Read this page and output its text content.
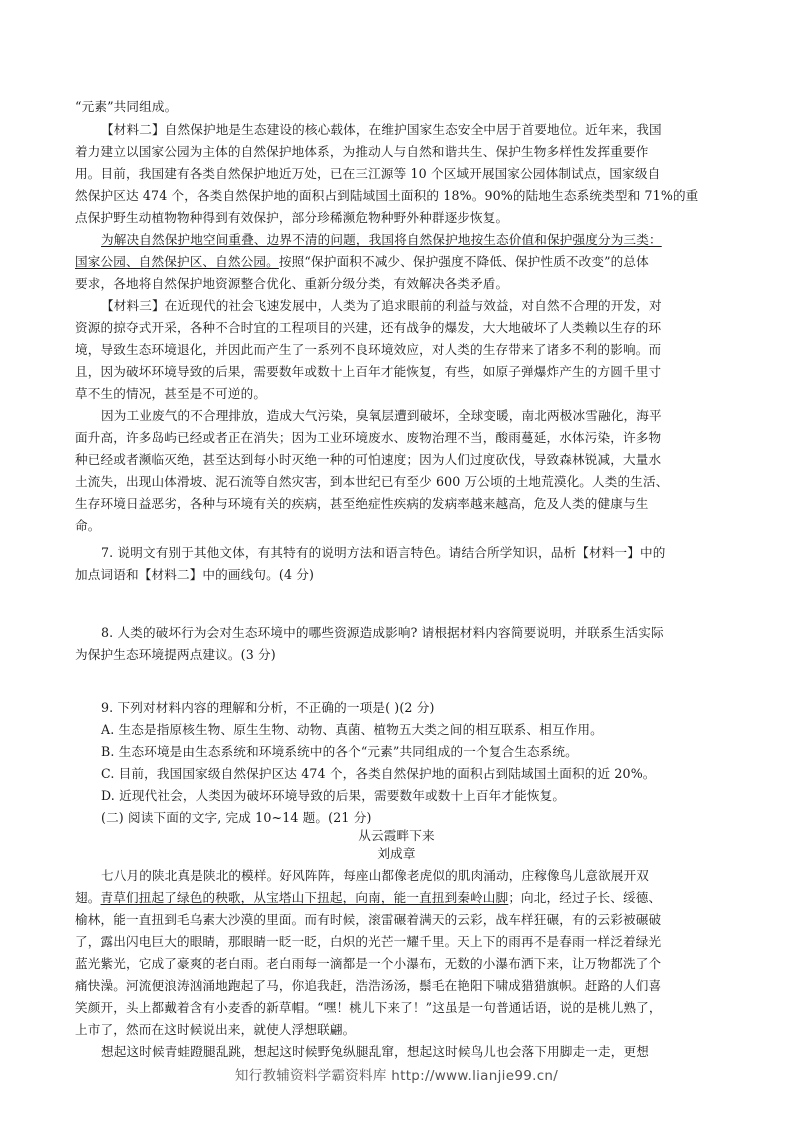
“元素”共同组成。
【材料二】自然保护地是生态建设的核心载体，在维护国家生态安全中居于首要地位。近年来，我国
着力建立以国家公园为主体的自然保护地体系，为推动人与自然和谐共生、保护生物多样性发挥重要作
用。目前，我国建有各类自然保护地近万处，已在三江源等 10 个区域开展国家公园体制试点，国家级自
然保护区达 474 个，各类自然保护地的面积占到陆域国土面积的 18%。90%的陆地生态系统类型和 71%的重
点保护野生动植物物种得到有效保护，部分珍稀濒危物种野外种群逐步恢复。
为解决自然保护地空间重叠、边界不清的问题，我国将自然保护地按生态价值和保护强度分为三类：
国家公园、自然保护区、自然公园。按照“保护面积不减少、保护强度不降低、保护性质不改变”的总体
要求，各地将自然保护地资源整合优化、重新分级分类，有效解决各类矛盾。
【材料三】在近现代的社会飞速发展中，人类为了追求眼前的利益与效益，对自然不合理的开发，对
资源的掠夺式开采，各种不合时宜的工程项目的兴建，还有战争的爆发，大大地破坏了人类赖以生存的环
境，导致生态环境退化，并因此而产生了一系列不良环境效应，对人类的生存带来了诸多不利的影响。而
且，因为破坏环境导致的后果，需要数年或数十上百年才能恢复，有些，如原子弹爆炸产生的方圆千里寸
草不生的情况，甚至是不可逆的。
因为工业废气的不合理排放，造成大气污染，臭氧层遭到破坏，全球变暖，南北两极冰雪融化，海平
面升高，许多岛屿已经或者正在消失；因为工业环境废水、废物治理不当，酸雨蔓延，水体污染，许多物
种已经或者濒临灭绝，甚至达到每小时灭绝一种的可怕速度；因为人们过度砍伐，导致森林锐减，大量水
土流失，出现山体滑坡、泥石流等自然灾害，到本世纪已有至少 600 万公顷的土地荒漠化。人类的生活、
生存环境日益恶劣，各种与环境有关的疾病，甚至绝症性疾病的发病率越来越高，危及人类的健康与生
命。
7. 说明文有别于其他文体，有其特有的说明方法和语言特色。请结合所学知识，品析【材料一】中的
加点词语和【材料二】中的画线句。(4 分)
8. 人类的破坏行为会对生态环境中的哪些资源造成影响? 请根据材料内容简要说明，并联系生活实际
为保护生态环境提两点建议。(3 分)
9. 下列对材料内容的理解和分析，不正确的一项是( )(2 分)
A. 生态是指原核生物、原生生物、动物、真菌、植物五大类之间的相互联系、相互作用。
B. 生态环境是由生态系统和环境系统中的各个“元素”共同组成的一个复合生态系统。
C. 目前，我国国家级自然保护区达 474 个，各类自然保护地的面积占到陆域国土面积的近 20%。
D. 近现代社会，人类因为破坏环境导致的后果，需要数年或数十上百年才能恢复。
(二) 阅读下面的文字, 完成 10~14 题。(21 分)
从云霞畔下来
刘成章
七八月的陕北真是陕北的模样。好风阵阵，每座山都像老虎似的肌肉涌动，庄稼像鸟儿意欲展开双
翅。青草们扭起了绿色的秧歌，从宝塔山下扭起，向南，能一直扭到秦岭山脚；向北，经过子长、绥德、
榆林，能一直扭到毛乌素大沙漠的里面。而有时候，滚雷碾着满天的云彩，战车样狂碾，有的云彩被碾破
了，露出闪电巨大的眼睛，那眼睛一眨一眨，白炽的光芒一耀千里。天上下的雨再不是春雨一样泛着绿光
蓝光紫光，它成了豪爽的老白雨。老白雨每一滴都是一个小瀑布，无数的小瀑布洒下来，让万物都洗了个
痛快澡。河流便浪涛汹涌地跑起了马，你追我赶，浩浩汤汤，鬃毛在艳阳下啸成猎猎旗帜。赶路的人们喜
笑颜开，头上都戴着含有小麦香的新草帽。“嘿！桃儿下来了！”这虽是一句普通话语，说的是桃儿熟了，
上市了，然而在这时候说出来，就使人浮想联翩。
想起这时候青蛙蹬腿乱跳，想起这时候野兔纵腿乱窜，想起这时候鸟儿也会落下用脚走一走，更想
知行教辅资料学霸资料库 http://www.lianjie99.cn/
